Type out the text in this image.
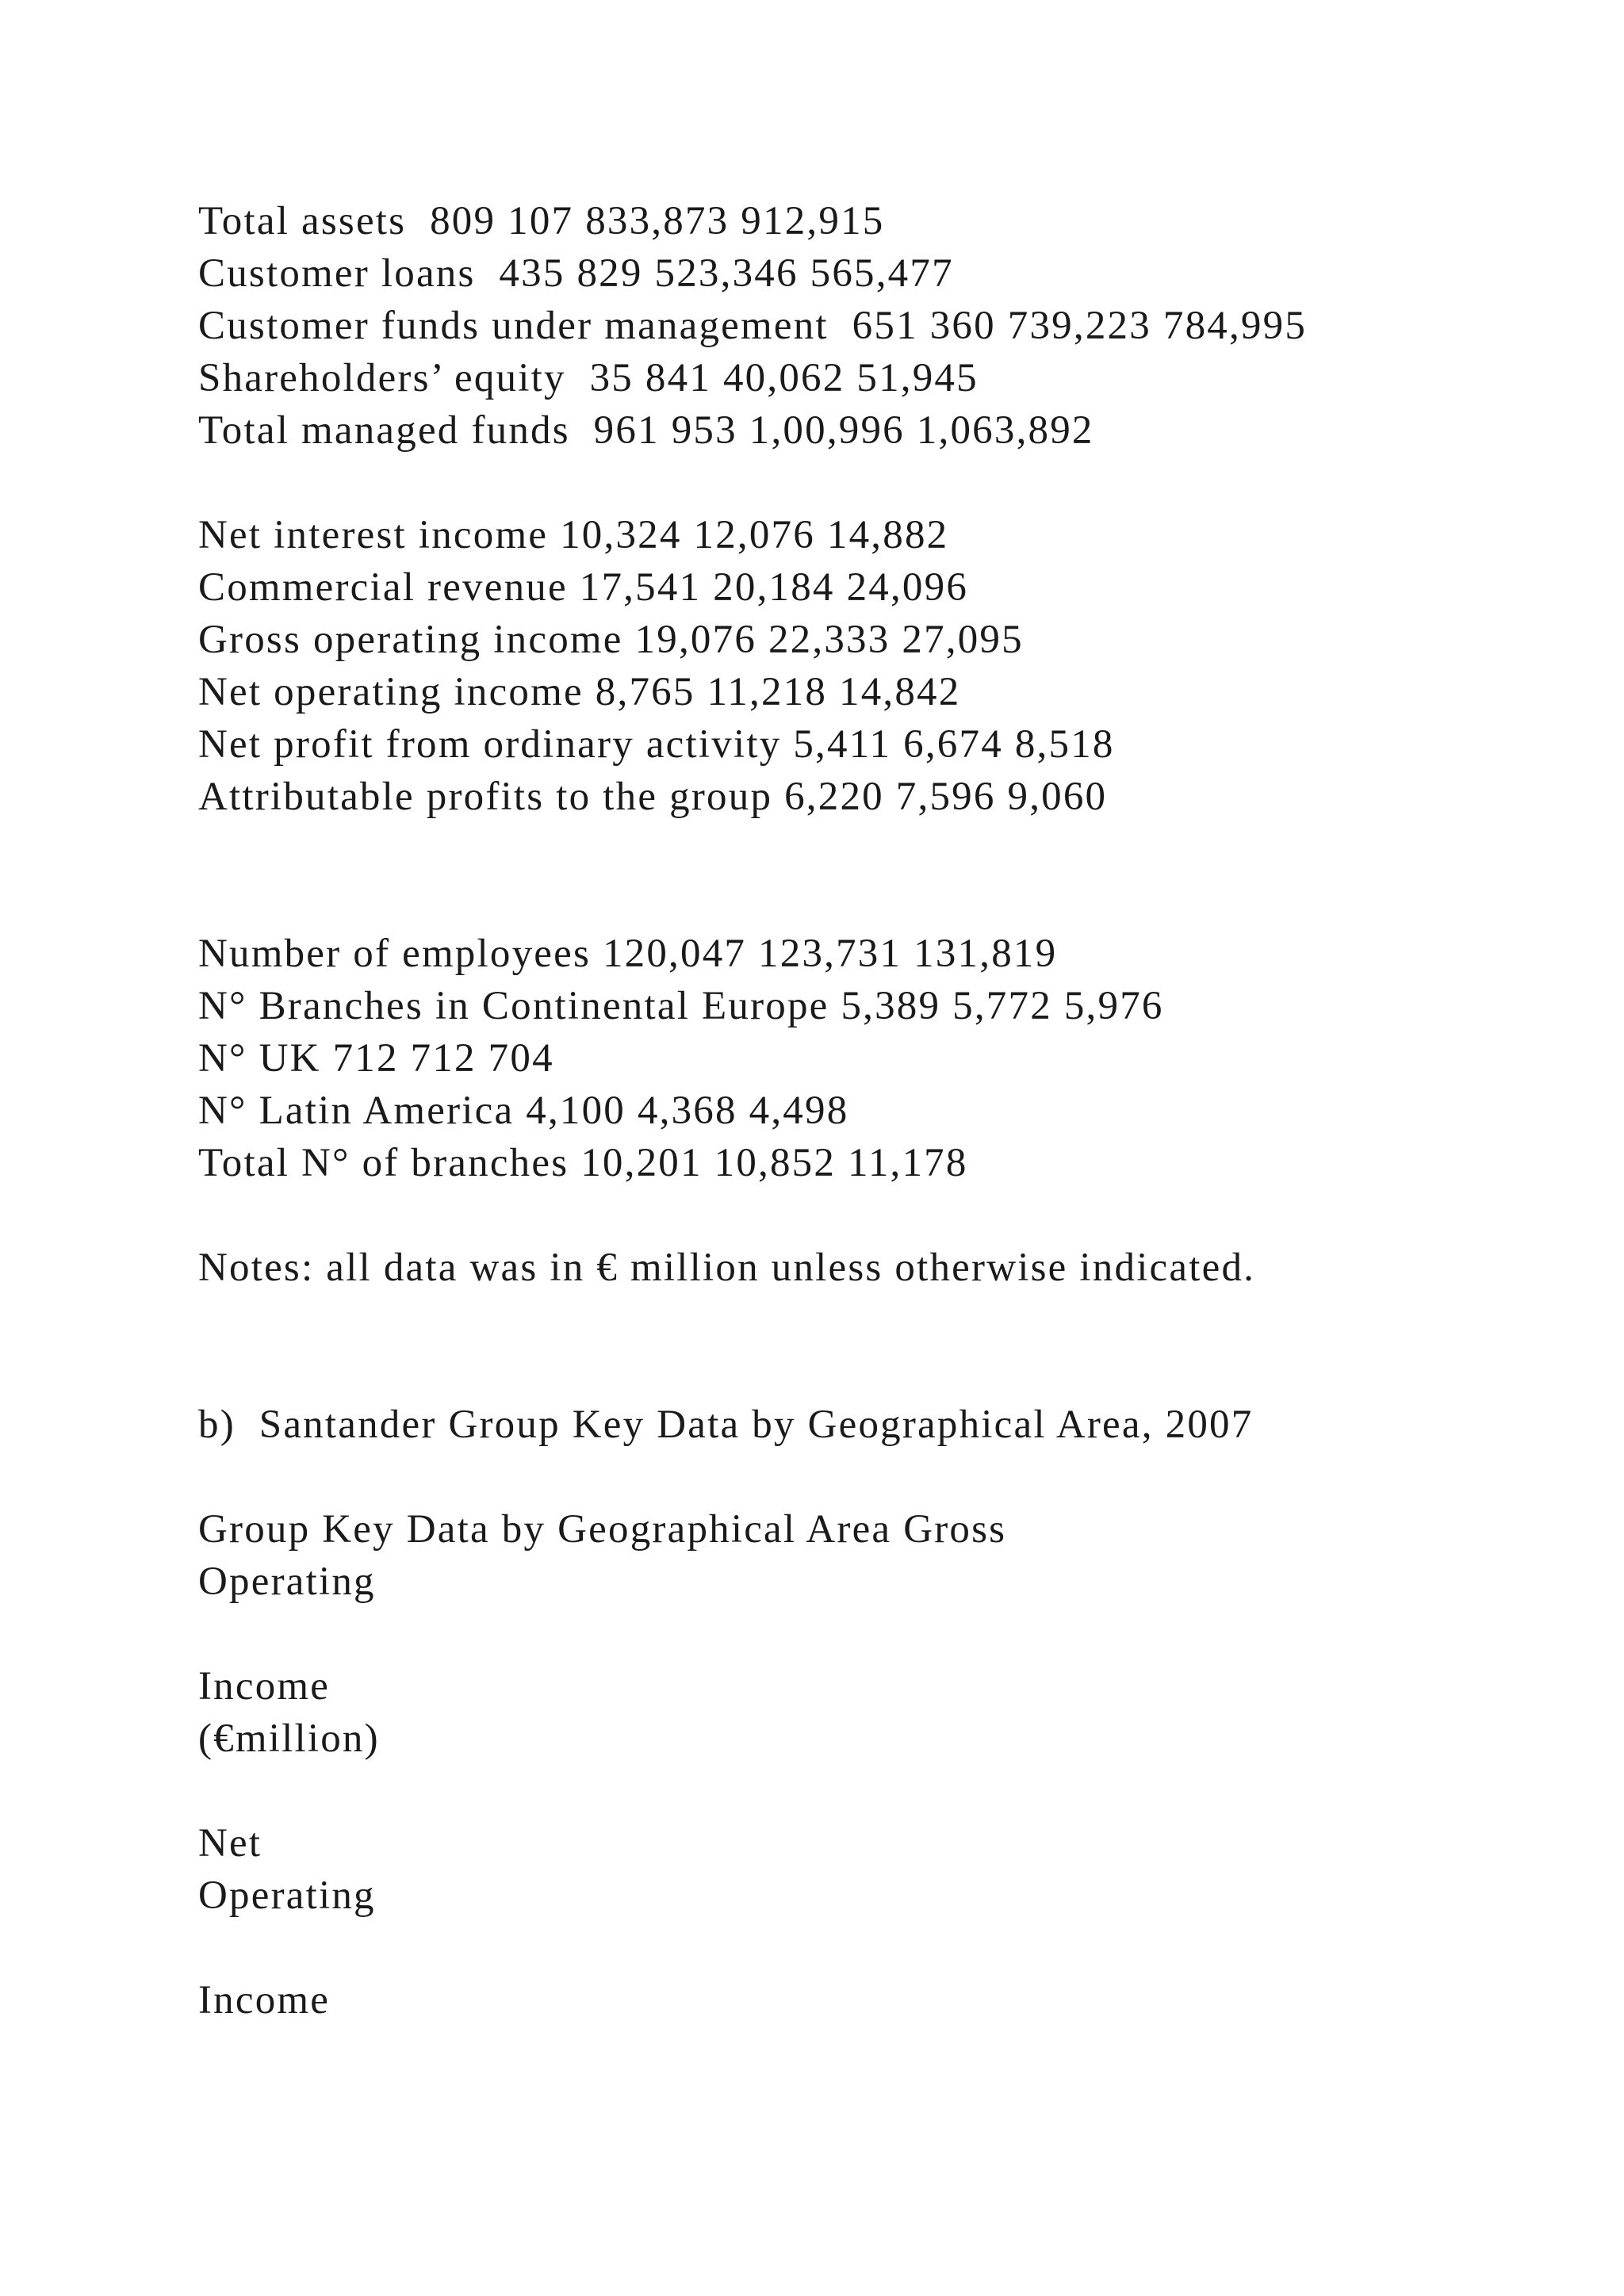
Total assets  809 107 833,873 912,915
Customer loans  435 829 523,346 565,477
Customer funds under management  651 360 739,223 784,995
Shareholders’ equity  35 841 40,062 51,945
Total managed funds  961 953 1,00,996 1,063,892
Net interest income 10,324 12,076 14,882
Commercial revenue 17,541 20,184 24,096
Gross operating income 19,076 22,333 27,095
Net operating income 8,765 11,218 14,842
Net profit from ordinary activity 5,411 6,674 8,518
Attributable profits to the group 6,220 7,596 9,060
Number of employees 120,047 123,731 131,819
N° Branches in Continental Europe 5,389 5,772 5,976
N° UK 712 712 704
N° Latin America 4,100 4,368 4,498
Total N° of branches 10,201 10,852 11,178
Notes: all data was in € million unless otherwise indicated.
b)  Santander Group Key Data by Geographical Area, 2007
Group Key Data by Geographical Area Gross
Operating
Income
(€million)
Net
Operating
Income
